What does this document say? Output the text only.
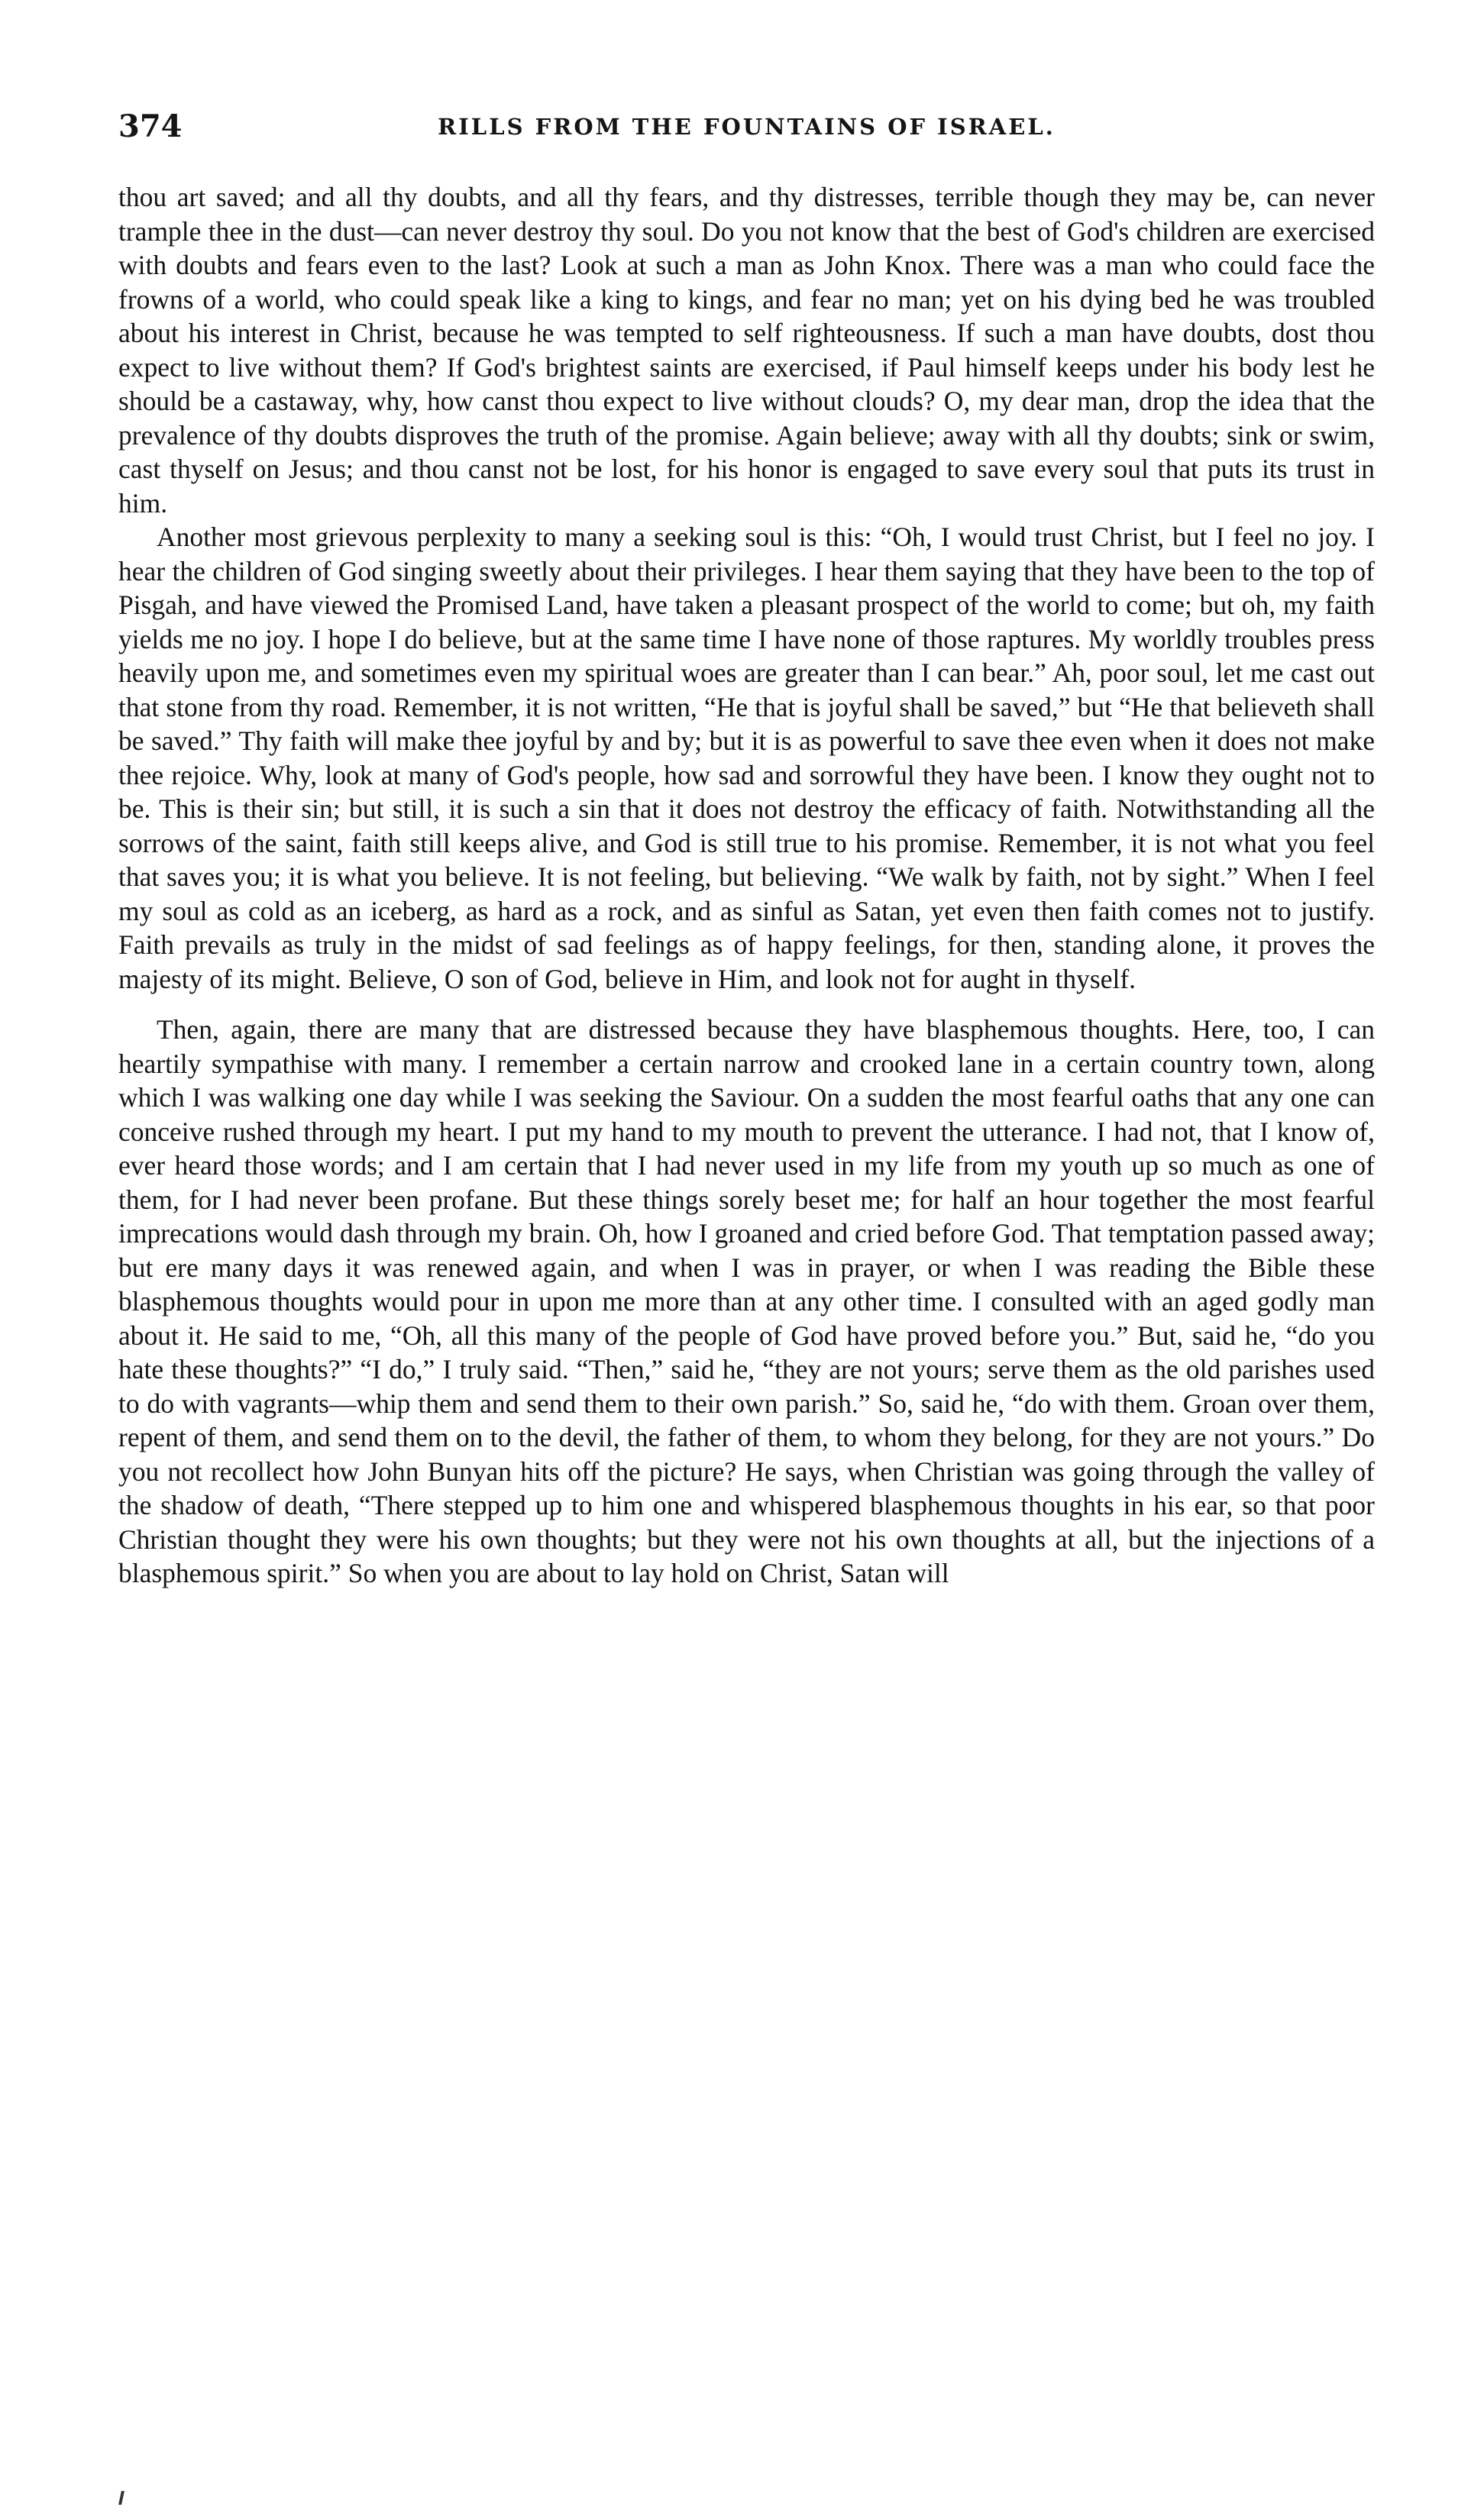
374	RILLS FROM THE FOUNTAINS OF ISRAEL.

thou art saved; and all thy doubts, and all thy fears, and thy distresses, terrible though they may be, can never trample thee in the dust—can never destroy thy soul. Do you not know that the best of God's children are exercised with doubts and fears even to the last? Look at such a man as John Knox. There was a man who could face the frowns of a world, who could speak like a king to kings, and fear no man; yet on his dying bed he was troubled about his interest in Christ, because he was tempted to self righteousness. If such a man have doubts, dost thou expect to live without them? If God's brightest saints are exercised, if Paul himself keeps under his body lest he should be a castaway, why, how canst thou expect to live without clouds? O, my dear man, drop the idea that the prevalence of thy doubts disproves the truth of the promise. Again believe; away with all thy doubts; sink or swim, cast thyself on Jesus; and thou canst not be lost, for his honor is engaged to save every soul that puts its trust in him.

Another most grievous perplexity to many a seeking soul is this: “Oh, I would trust Christ, but I feel no joy. I hear the children of God singing sweetly about their privileges. I hear them saying that they have been to the top of Pisgah, and have viewed the Promised Land, have taken a pleasant prospect of the world to come; but oh, my faith yields me no joy. I hope I do believe, but at the same time I have none of those raptures. My worldly troubles press heavily upon me, and sometimes even my spiritual woes are greater than I can bear.” Ah, poor soul, let me cast out that stone from thy road. Remember, it is not written, “He that is joyful shall be saved,” but “He that believeth shall be saved.” Thy faith will make thee joyful by and by; but it is as powerful to save thee even when it does not make thee rejoice. Why, look at many of God's people, how sad and sorrowful they have been. I know they ought not to be. This is their sin; but still, it is such a sin that it does not destroy the efficacy of faith. Notwithstanding all the sorrows of the saint, faith still keeps alive, and God is still true to his promise. Remember, it is not what you feel that saves you; it is what you believe. It is not feeling, but believing. “We walk by faith, not by sight.” When I feel my soul as cold as an iceberg, as hard as a rock, and as sinful as Satan, yet even then faith comes not to justify. Faith prevails as truly in the midst of sad feelings as of happy feelings, for then, standing alone, it proves the majesty of its might. Believe, O son of God, believe in Him, and look not for aught in thyself.

Then, again, there are many that are distressed because they have blasphemous thoughts. Here, too, I can heartily sympathise with many. I remember a certain narrow and crooked lane in a certain country town, along which I was walking one day while I was seeking the Saviour. On a sudden the most fearful oaths that any one can conceive rushed through my heart. I put my hand to my mouth to prevent the utterance. I had not, that I know of, ever heard those words; and I am certain that I had never used in my life from my youth up so much as one of them, for I had never been profane. But these things sorely beset me; for half an hour together the most fearful imprecations would dash through my brain. Oh, how I groaned and cried before God. That temptation passed away; but ere many days it was renewed again, and when I was in prayer, or when I was reading the Bible these blasphemous thoughts would pour in upon me more than at any other time. I consulted with an aged godly man about it. He said to me, “Oh, all this many of the people of God have proved before you.” But, said he, “do you hate these thoughts?” “I do,” I truly said. “Then,” said he, “they are not yours; serve them as the old parishes used to do with vagrants—whip them and send them to their own parish.” So, said he, “do with them. Groan over them, repent of them, and send them on to the devil, the father of them, to whom they belong, for they are not yours.” Do you not recollect how John Bunyan hits off the picture? He says, when Christian was going through the valley of the shadow of death, “There stepped up to him one and whispered blasphemous thoughts in his ear, so that poor Christian thought they were his own thoughts; but they were not his own thoughts at all, but the injections of a blasphemous spirit.” So when you are about to lay hold on Christ, Satan will
